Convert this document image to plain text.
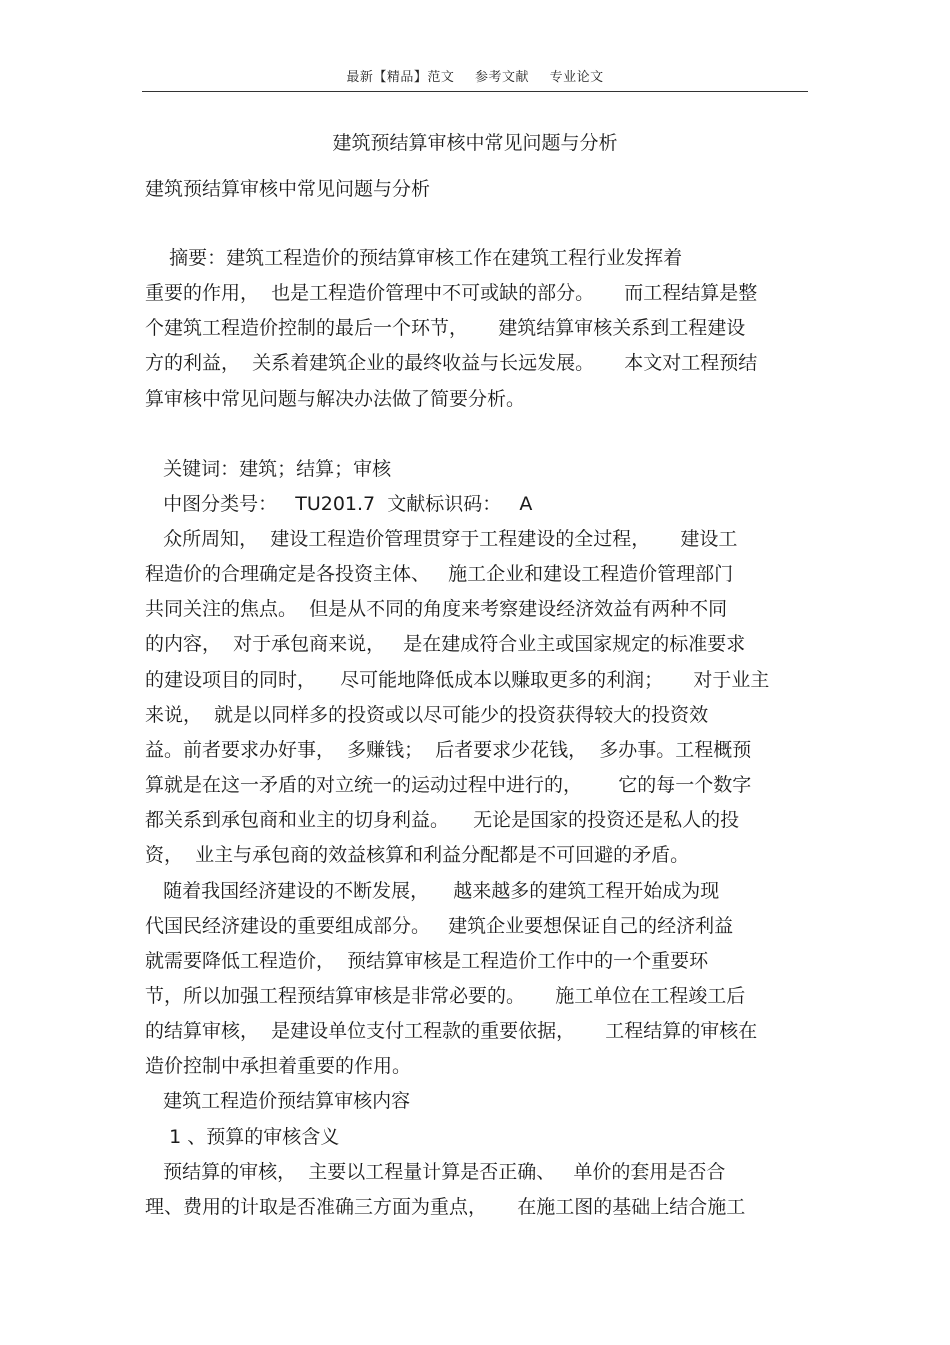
最新【精品】范文 参考文献 专业论文
建筑预结算审核中常见问题与分析
建筑预结算审核中常见问题与分析
摘要：建筑工程造价的预结算审核工作在建筑工程行业发挥着
重要的作用，  也是工程造价管理中不可或缺的部分。     而工程结算是整
个建筑工程造价控制的最后一个环节，     建筑结算审核关系到工程建设
方的利益，  关系着建筑企业的最终收益与长远发展。     本文对工程预结
算审核中常见问题与解决办法做了简要分析。
关键词：建筑；结算；审核
中图分类号：   TU201.7  文献标识码：   A
众所周知，  建设工程造价管理贯穿于工程建设的全过程，     建设工
程造价的合理确定是各投资主体、   施工企业和建设工程造价管理部门
共同关注的焦点。  但是从不同的角度来考察建设经济效益有两种不同
的内容，  对于承包商来说，   是在建成符合业主或国家规定的标准要求
的建设项目的同时，    尽可能地降低成本以赚取更多的利润；     对于业主
来说，  就是以同样多的投资或以尽可能少的投资获得较大的投资效
益。前者要求办好事，  多赚钱；  后者要求少花钱，  多办事。工程概预
算就是在这一矛盾的对立统一的运动过程中进行的，      它的每一个数字
都关系到承包商和业主的切身利益。    无论是国家的投资还是私人的投
资，  业主与承包商的效益核算和利益分配都是不可回避的矛盾。
随着我国经济建设的不断发展，    越来越多的建筑工程开始成为现
代国民经济建设的重要组成部分。   建筑企业要想保证自己的经济利益
就需要降低工程造价，  预结算审核是工程造价工作中的一个重要环
节，所以加强工程预结算审核是非常必要的。     施工单位在工程竣工后
的结算审核，  是建设单位支付工程款的重要依据，     工程结算的审核在
造价控制中承担着重要的作用。
建筑工程造价预结算审核内容
1 、预算的审核含义
预结算的审核，  主要以工程量计算是否正确、   单价的套用是否合
理、费用的计取是否准确三方面为重点，     在施工图的基础上结合施工
